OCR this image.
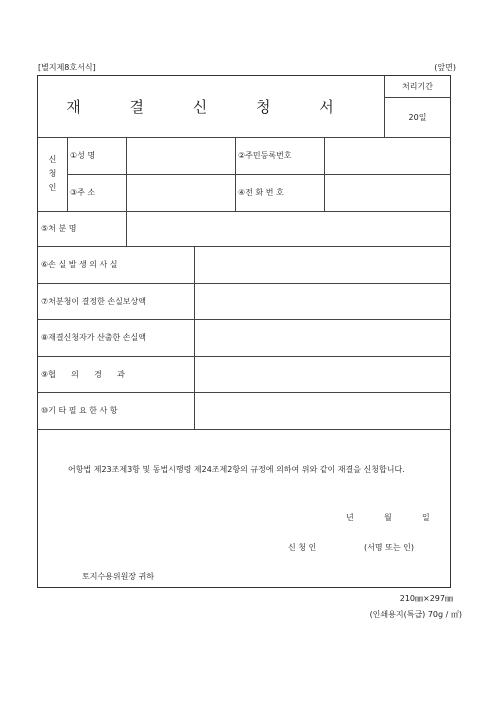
[별지제8호서식]	(앞면)
재 결 신 청 서
처리기간
20일
신 청 인
①성 명	②주민등록번호
③주 소	④전 화 번 호
⑤처 분 명
⑥손 실 발 생 의 사 실
⑦처분청이 결정한 손실보상액
⑧재결신청자가 산출한 손실액
⑨협      의      경      과
⑩기 타 필 요 한 사 항
어항법 제23조제3항 및 동법시행령 제24조제2항의 규정에 의하여 위와 같이 재결을 신청합니다.
년	월	일
신 청 인	(서명 또는 인)
토지수용위원장 귀하
210㎜×297㎜
(인쇄용지(특급) 70g / ㎡)
